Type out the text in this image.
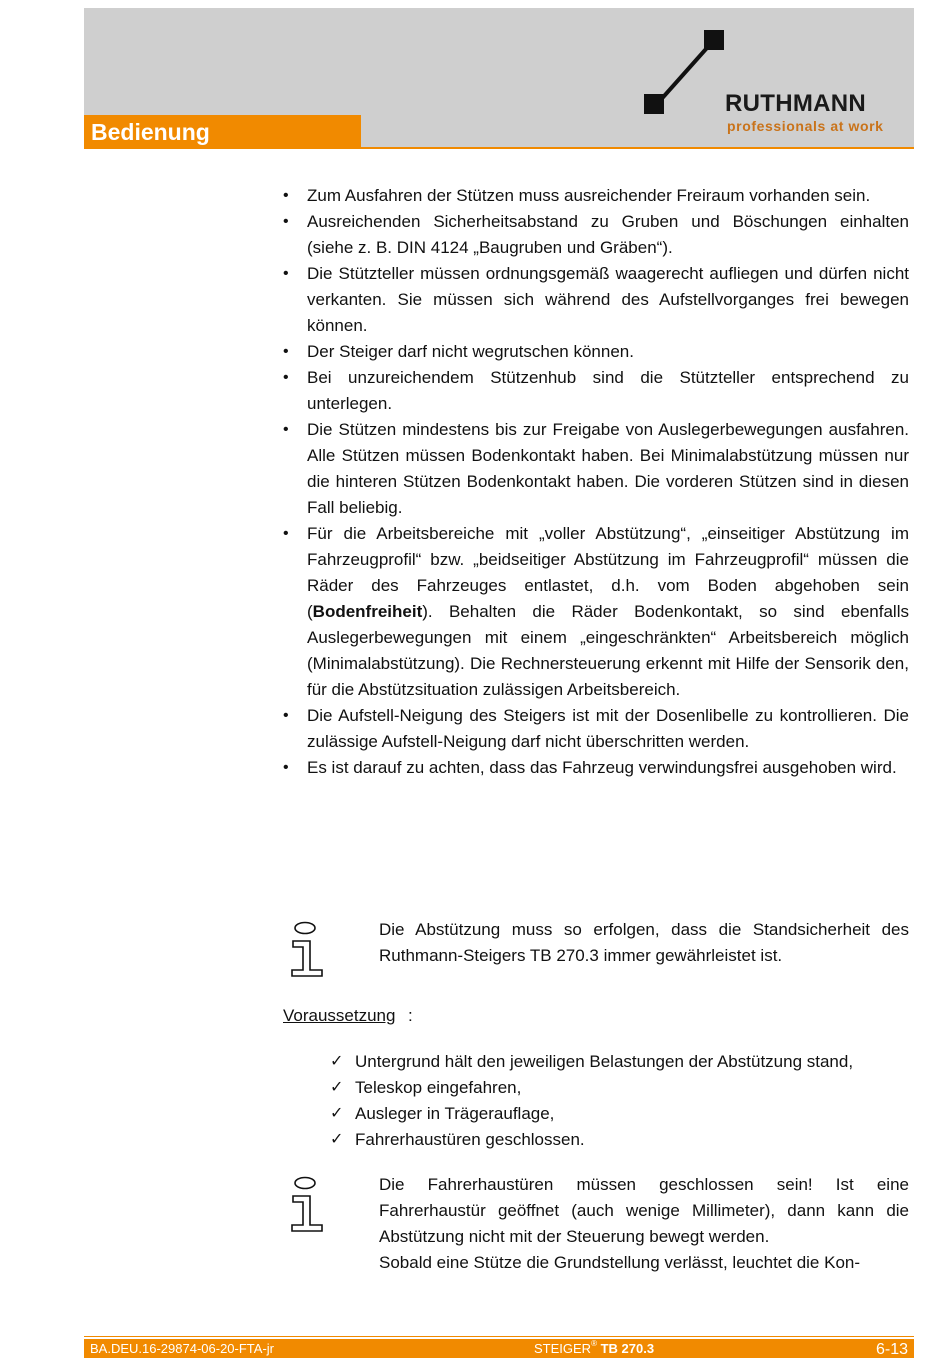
RUTHMANN
professionals at work
Bedienung
• Zum Ausfahren der Stützen muss ausreichender Freiraum vorhanden sein.
• Ausreichenden Sicherheitsabstand zu Gruben und Böschungen einhalten (siehe z. B. DIN 4124 „Baugruben und Gräben“).
• Die Stützteller müssen ordnungsgemäß waagerecht aufliegen und dürfen nicht verkanten. Sie müssen sich während des Aufstellvorganges frei bewegen können.
• Der Steiger darf nicht wegrutschen können.
• Bei unzureichendem Stützenhub sind die Stützteller entsprechend zu unterlegen.
• Die Stützen mindestens bis zur Freigabe von Auslegerbewegungen ausfahren. Alle Stützen müssen Bodenkontakt haben. Bei Minimalabstützung müssen nur die hinteren Stützen Bodenkontakt haben. Die vorderen Stützen sind in diesen Fall beliebig.
• Für die Arbeitsbereiche mit „voller Abstützung“, „einseitiger Abstützung im Fahrzeugprofil“ bzw. „beidseitiger Abstützung im Fahrzeugprofil“ müssen die Räder des Fahrzeuges entlastet, d.h. vom Boden abgehoben sein (Bodenfreiheit). Behalten die Räder Bodenkontakt, so sind ebenfalls Auslegerbewegungen mit einem „eingeschränkten“ Arbeitsbereich möglich (Minimalabstützung). Die Rechnersteuerung erkennt mit Hilfe der Sensorik den, für die Abstützsituation zulässigen Arbeitsbereich.
• Die Aufstell-Neigung des Steigers ist mit der Dosenlibelle zu kontrollieren. Die zulässige Aufstell-Neigung darf nicht überschritten werden.
• Es ist darauf zu achten, dass das Fahrzeug verwindungsfrei ausgehoben wird.
Die Abstützung muss so erfolgen, dass die Standsicherheit des Ruthmann-Steigers TB 270.3 immer gewährleistet ist.
Voraussetzung :
✓ Untergrund hält den jeweiligen Belastungen der Abstützung stand,
✓ Teleskop eingefahren,
✓ Ausleger in Trägerauflage,
✓ Fahrerhaustüren geschlossen.
Die Fahrerhaustüren müssen geschlossen sein! Ist eine Fahrerhaustür geöffnet (auch wenige Millimeter), dann kann die Abstützung nicht mit der Steuerung bewegt werden.
Sobald eine Stütze die Grundstellung verlässt, leuchtet die Kon-
BA.DEU.16-29874-06-20-FTA-jr	STEIGER® TB 270.3	6-13
